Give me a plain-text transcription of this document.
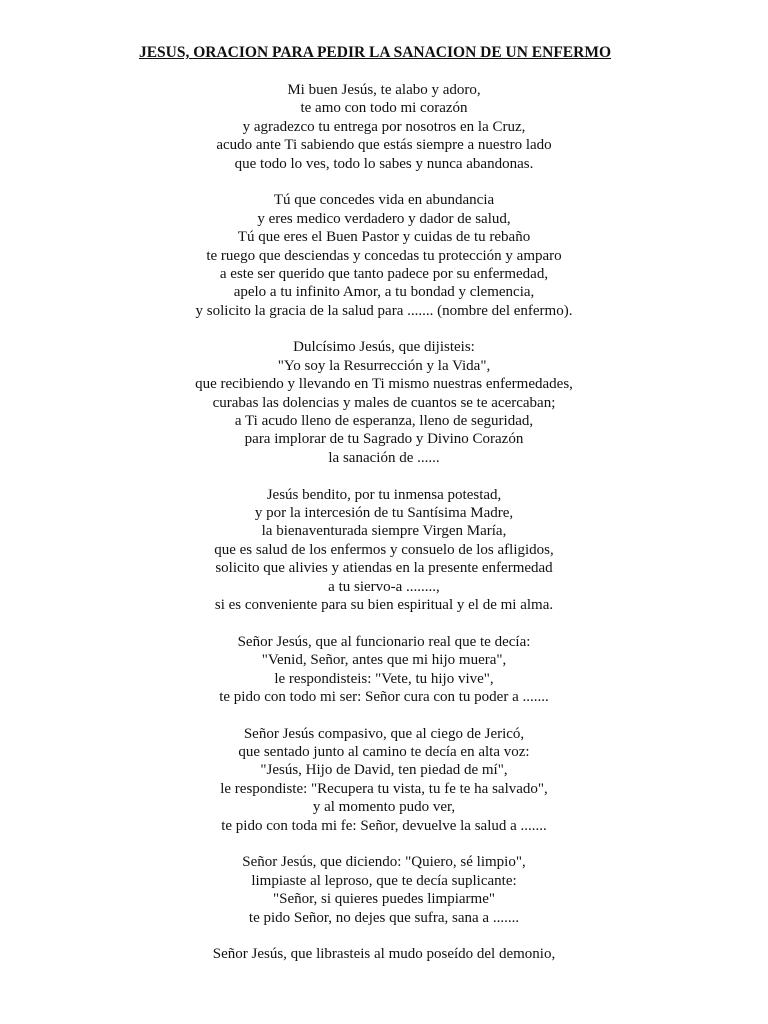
JESUS, ORACION PARA PEDIR LA SANACION DE UN ENFERMO
Mi buen Jesús, te alabo y adoro,
te amo con todo mi corazón
y agradezco tu entrega por nosotros en la Cruz,
acudo ante Ti sabiendo que estás siempre a nuestro lado
que todo lo ves, todo lo sabes y nunca abandonas.
Tú que concedes vida en abundancia
y eres medico verdadero y dador de salud,
Tú que eres el Buen Pastor y cuidas de tu rebaño
te ruego que desciendas y concedas tu protección y amparo
a este ser querido que tanto padece por su enfermedad,
apelo a tu infinito Amor, a tu bondad y clemencia,
y solicito la gracia de la salud para ....... (nombre del enfermo).
Dulcísimo Jesús, que dijisteis:
"Yo soy la Resurrección y la Vida",
que recibiendo y llevando en Ti mismo nuestras enfermedades,
curabas las dolencias y males de cuantos se te acercaban;
a Ti acudo lleno de esperanza, lleno de seguridad,
para implorar de tu Sagrado y Divino Corazón
la sanación de ......
Jesús bendito, por tu inmensa potestad,
y por la intercesión de tu Santísima Madre,
la bienaventurada siempre Virgen María,
que es salud de los enfermos y consuelo de los afligidos,
solicito que alivies y atiendas en la presente enfermedad
a tu siervo-a ........,
si es conveniente para su bien espiritual y el de mi alma.
Señor Jesús, que al funcionario real que te decía:
"Venid, Señor, antes que mi hijo muera",
le respondisteis: "Vete, tu hijo vive",
te pido con todo mi ser: Señor cura con tu poder a .......
Señor Jesús compasivo, que al ciego de Jericó,
que sentado junto al camino te decía en alta voz:
"Jesús, Hijo de David, ten piedad de mí",
le respondiste: "Recupera tu vista, tu fe te ha salvado",
y al momento pudo ver,
te pido con toda mi fe: Señor, devuelve la salud a .......
Señor Jesús, que diciendo: "Quiero, sé limpio",
limpiaste al leproso, que te decía suplicante:
"Señor, si quieres puedes limpiarme"
te pido Señor, no dejes que sufra, sana a .......
Señor Jesús, que librasteis al mudo poseído del demonio,
